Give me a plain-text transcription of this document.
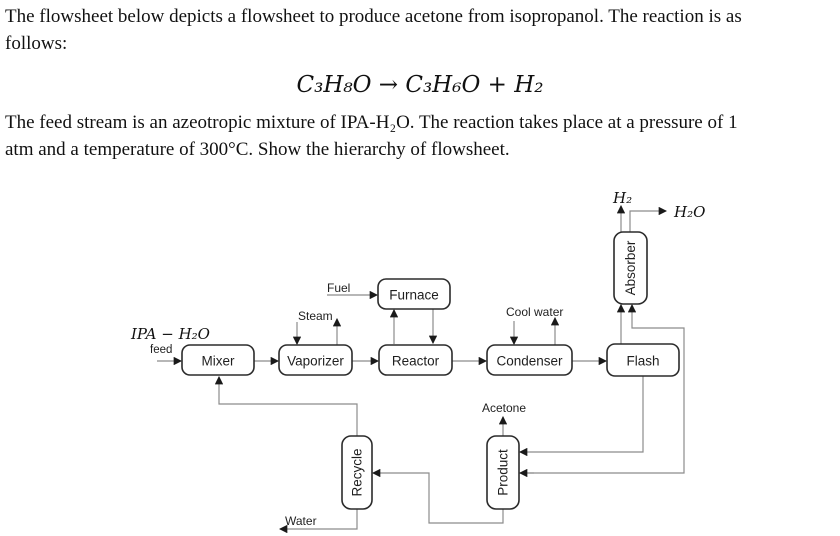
The flowsheet below depicts a flowsheet to produce acetone from isopropanol. The reaction is as
follows:
C₃H₈O → C₃H₆O + H₂
The feed stream is an azeotropic mixture of IPA-H₂O. The reaction takes place at a pressure of 1
atm and a temperature of 300°C. Show the hierarchy of flowsheet.
Mixer	Vaporizer
Furnace
Reactor	Condenser	Flash
Absorber
Recycle	Product
IPA − H₂O
feed
Fuel
Steam	Cool water
H₂
H₂O
Acetone
Water
